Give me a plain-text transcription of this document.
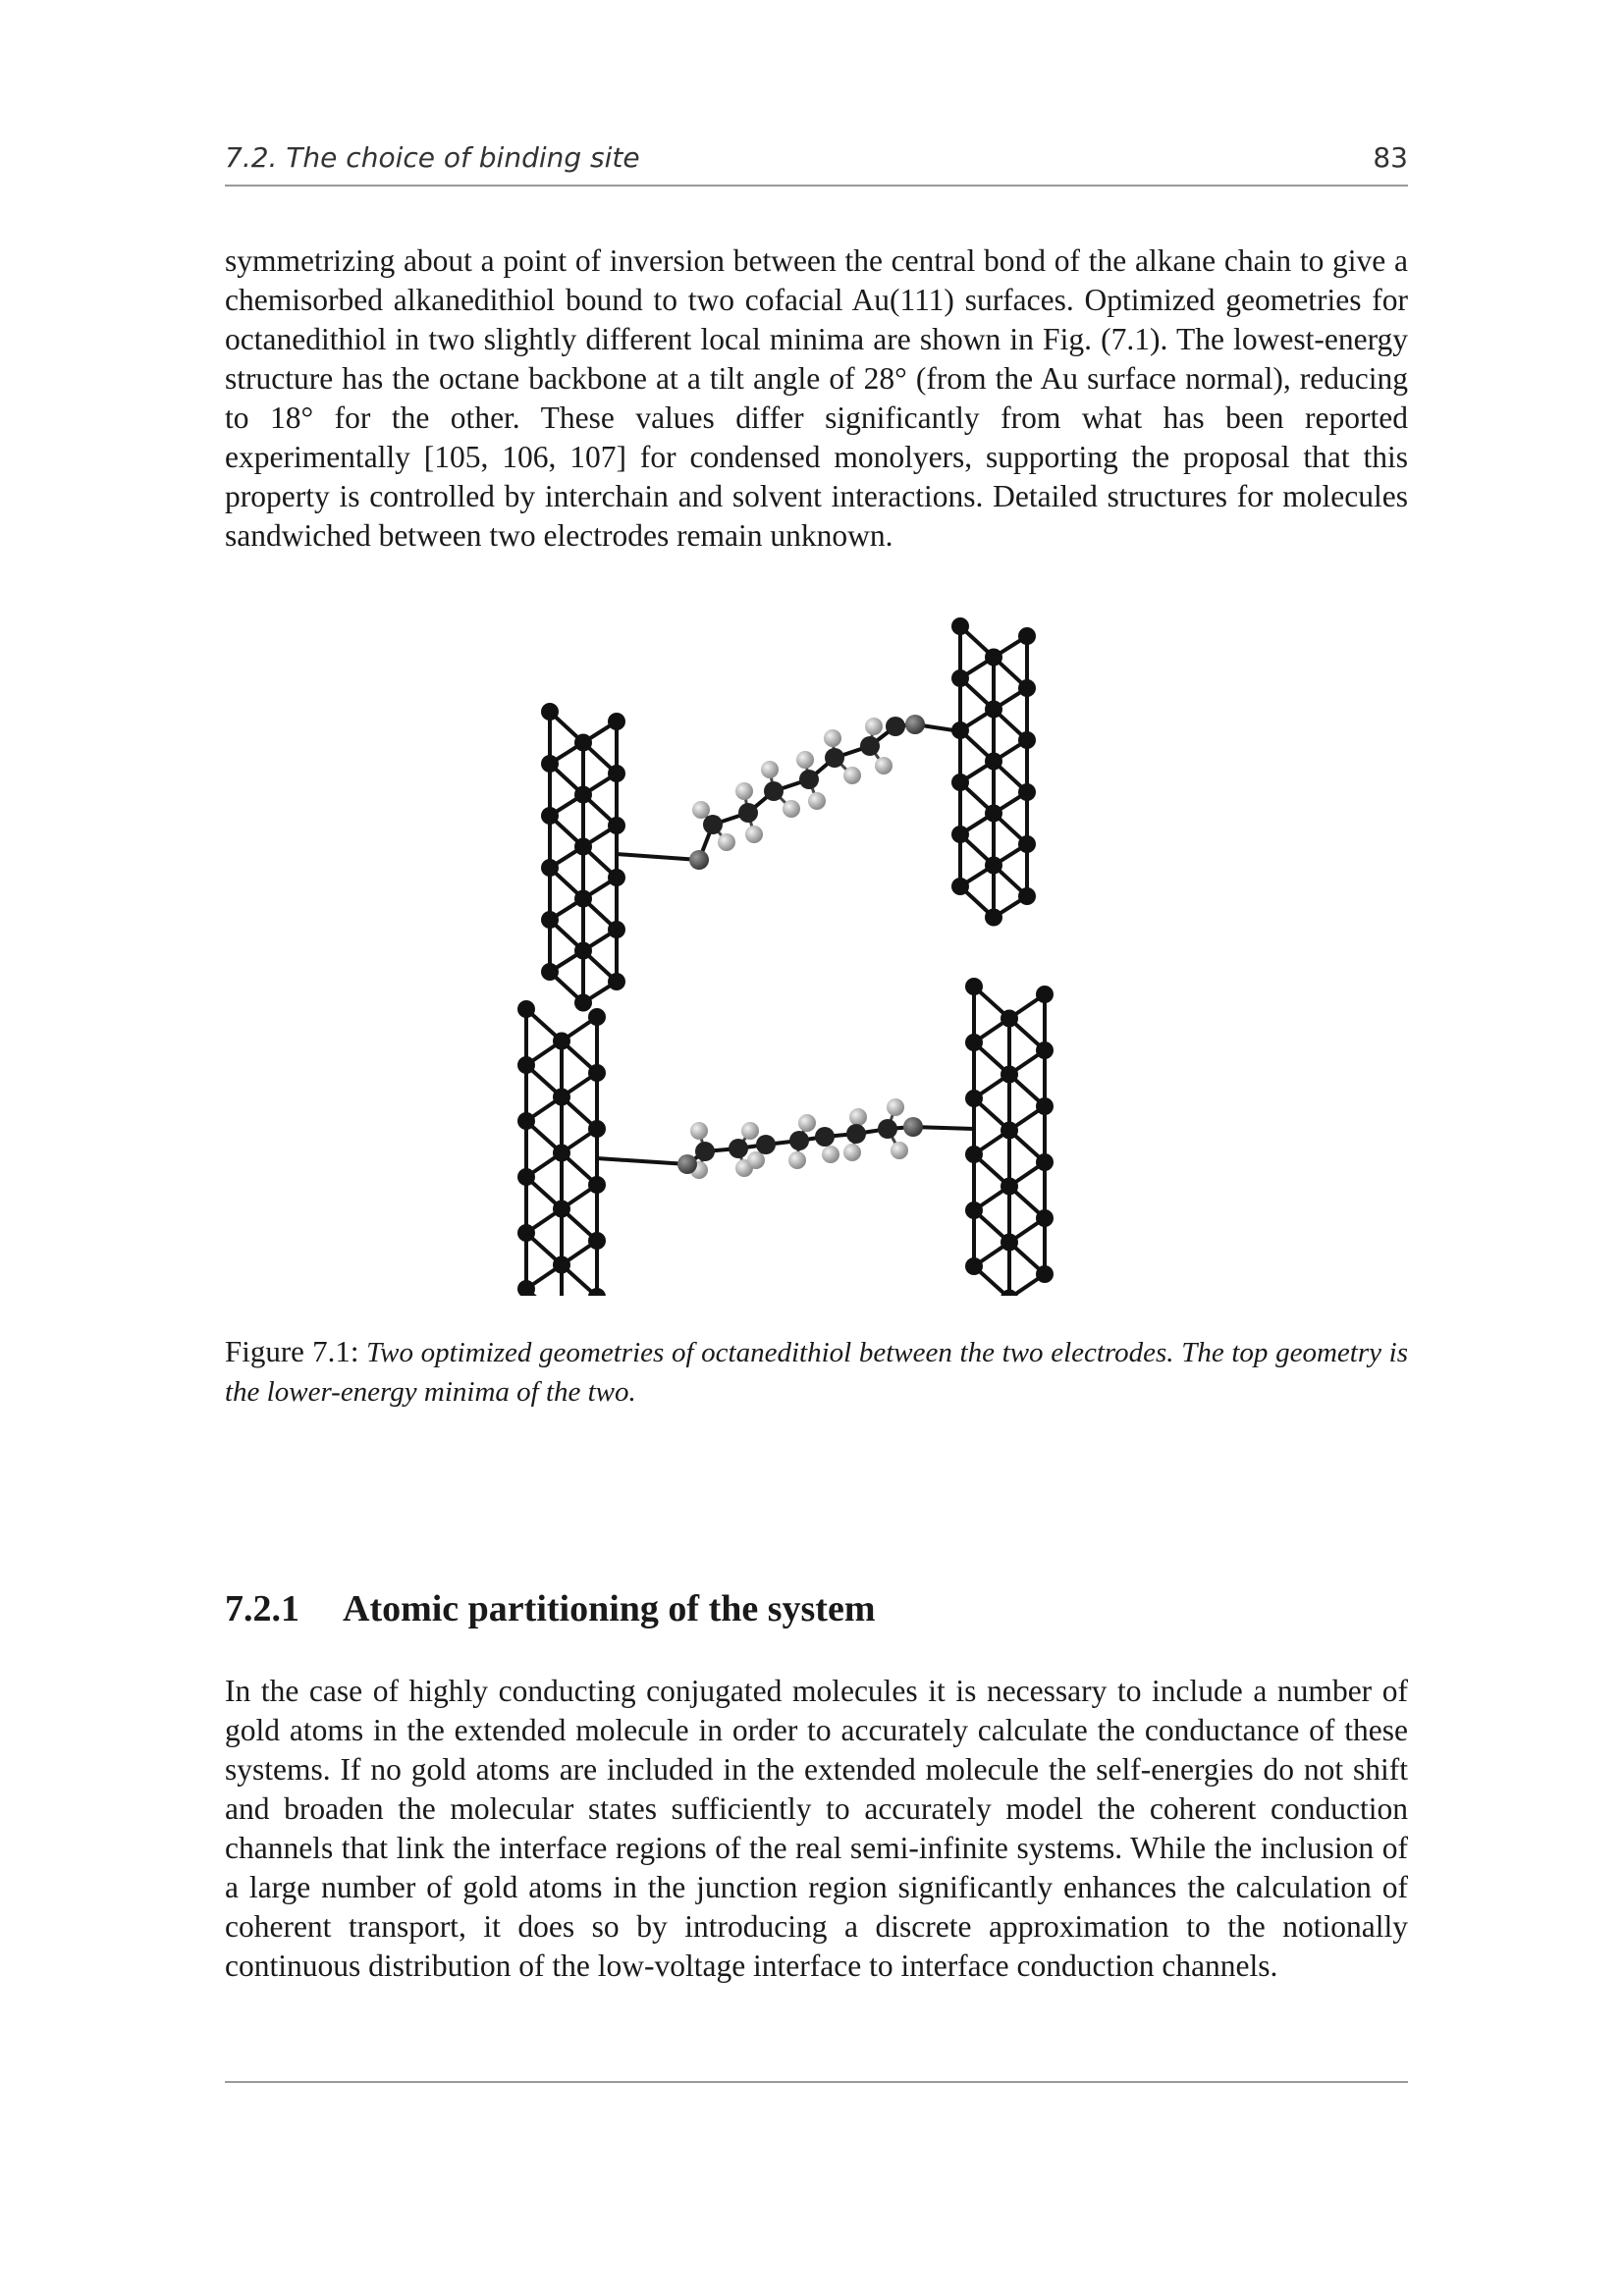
7.2. The choice of binding site	83

symmetrizing about a point of inversion between the central bond of the alkane chain to give a chemisorbed alkanedithiol bound to two cofacial Au(111) surfaces. Optimized geometries for octanedithiol in two slightly different local minima are shown in Fig. (7.1). The lowest-energy structure has the octane backbone at a tilt angle of 28° (from the Au surface normal), reducing to 18° for the other. These values differ significantly from what has been reported experimentally [105, 106, 107] for condensed monolyers, supporting the proposal that this property is controlled by interchain and solvent interactions. Detailed structures for molecules sandwiched between two electrodes remain unknown.

Figure 7.1: Two optimized geometries of octanedithiol between the two electrodes. The top geometry is the lower-energy minima of the two.

7.2.1 Atomic partitioning of the system

In the case of highly conducting conjugated molecules it is necessary to include a number of gold atoms in the extended molecule in order to accurately calculate the conductance of these systems. If no gold atoms are included in the extended molecule the self-energies do not shift and broaden the molecular states sufficiently to accurately model the coherent conduction channels that link the interface regions of the real semi-infinite systems. While the inclusion of a large number of gold atoms in the junction region significantly enhances the calculation of coherent transport, it does so by introducing a discrete approximation to the notionally continuous distribution of the low-voltage interface to interface conduction channels.
